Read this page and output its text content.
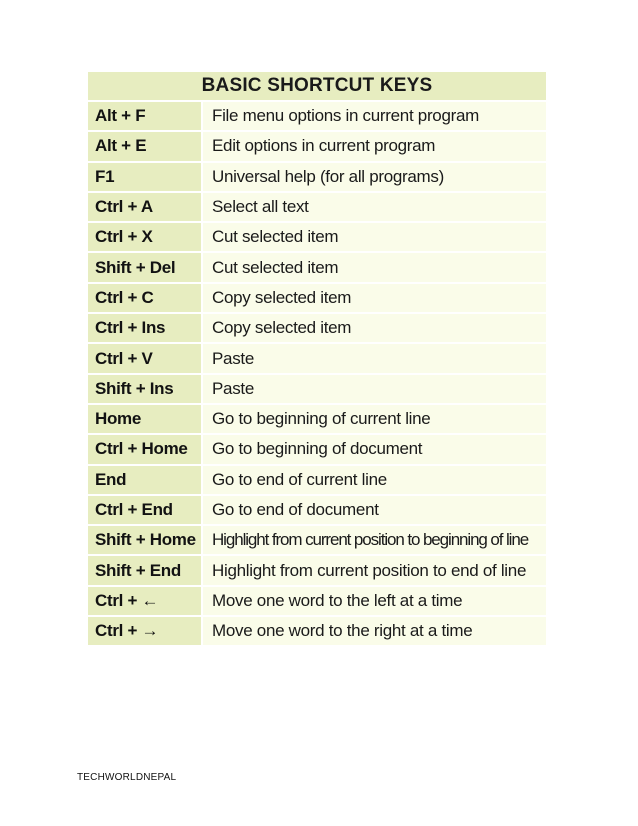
BASIC SHORTCUT KEYS
Alt + F	File menu options in current program
Alt + E	Edit options in current program
F1	Universal help (for all programs)
Ctrl + A	Select all text
Ctrl + X	Cut selected item
Shift + Del Cut selected item
Ctrl + C	Copy selected item
Ctrl + Ins	Copy selected item
Ctrl + V	Paste
Shift + Ins Paste
Home	Go to beginning of current line
Ctrl + Home Go to beginning of document
End	Go to end of current line
Ctrl + End Go to end of document
Shift + Home Highlight from current position to beginning of line
Shift + End Highlight from current position to end of line
Ctrl + ←	Move one word to the left at a time
Ctrl + →	Move one word to the right at a time
TECHWORLDNEPAL
